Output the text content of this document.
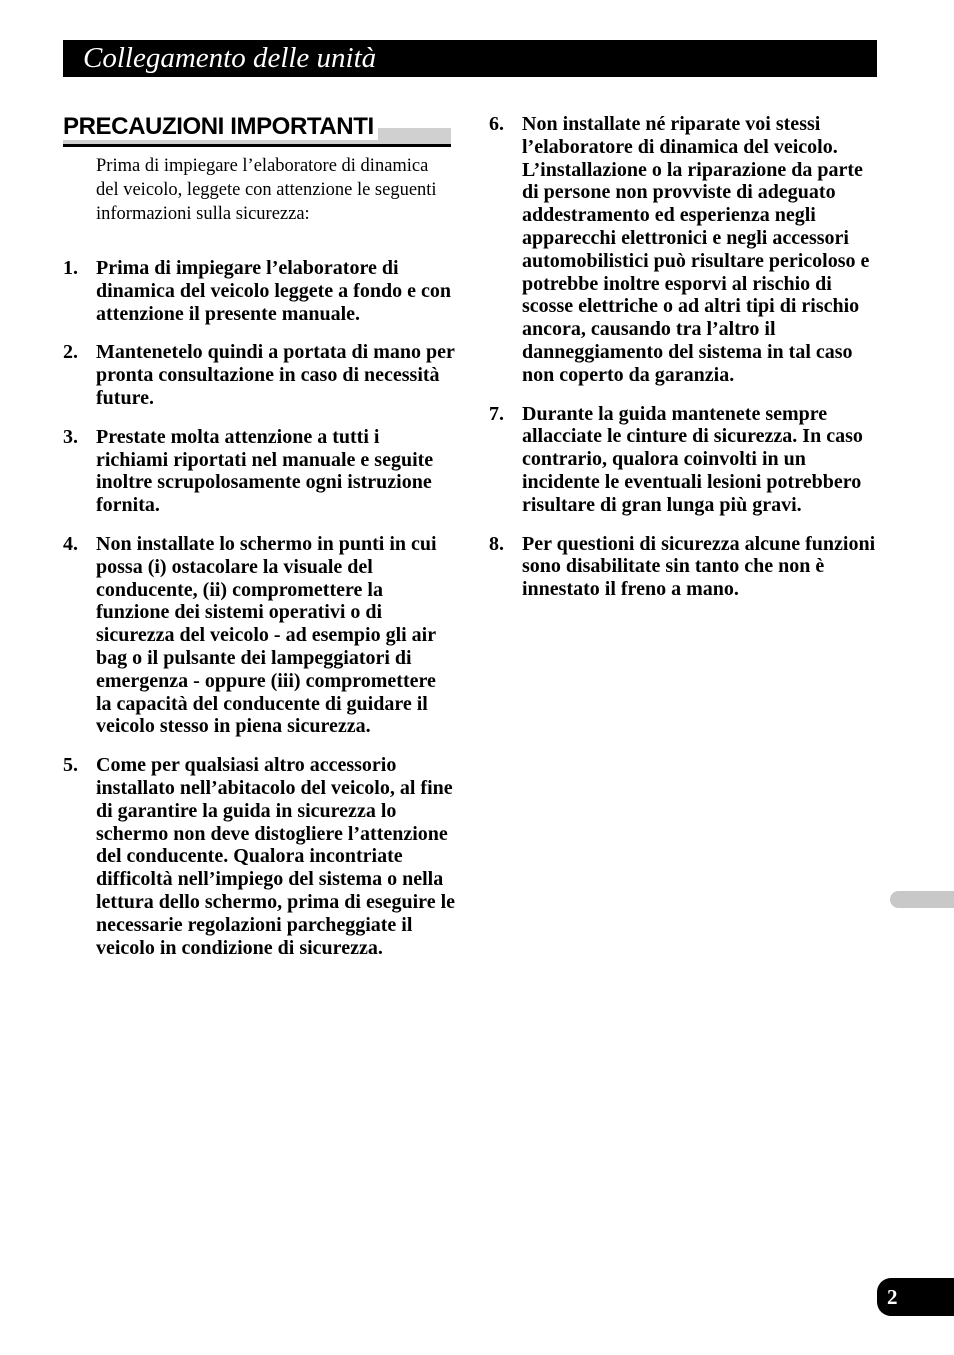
Collegamento delle unità
PRECAUZIONI IMPORTANTI
Prima di impiegare l’elaboratore di dinamica del veicolo, leggete con attenzione le seguenti informazioni sulla sicurezza:
1. Prima di impiegare l’elaboratore di dinamica del veicolo leggete a fondo e con attenzione il presente manuale.
2. Mantenetelo quindi a portata di mano per pronta consultazione in caso di necessità future.
3. Prestate molta attenzione a tutti i richiami riportati nel manuale e seguite inoltre scrupolosamente ogni istruzione fornita.
4. Non installate lo schermo in punti in cui possa (i) ostacolare la visuale del conducente, (ii) compromettere la funzione dei sistemi operativi o di sicurezza del veicolo - ad esempio gli air bag o il pulsante dei lampeggiatori di emergenza - oppure (iii) compromettere la capacità del conducente di guidare il veicolo stesso in piena sicurezza.
5. Come per qualsiasi altro accessorio installato nell’abitacolo del veicolo, al fine di garantire la guida in sicurezza lo schermo non deve distogliere l’attenzione del conducente. Qualora incontriate difficoltà nell’impiego del sistema o nella lettura dello schermo, prima di eseguire le necessarie regolazioni parcheggiate il veicolo in condizione di sicurezza.
6. Non installate né riparate voi stessi l’elaboratore di dinamica del veicolo. L’installazione o la riparazione da parte di persone non provviste di adeguato addestramento ed esperienza negli apparecchi elettronici e negli accessori automobilistici può risultare pericoloso e potrebbe inoltre esporvi al rischio di scosse elettriche o ad altri tipi di rischio ancora, causando tra l’altro il danneggiamento del sistema in tal caso non coperto da garanzia.
7. Durante la guida mantenete sempre allacciate le cinture di sicurezza. In caso contrario, qualora coinvolti in un incidente le eventuali lesioni potrebbero risultare di gran lunga più gravi.
8. Per questioni di sicurezza alcune funzioni sono disabilitate sin tanto che non è innestato il freno a mano.
2
